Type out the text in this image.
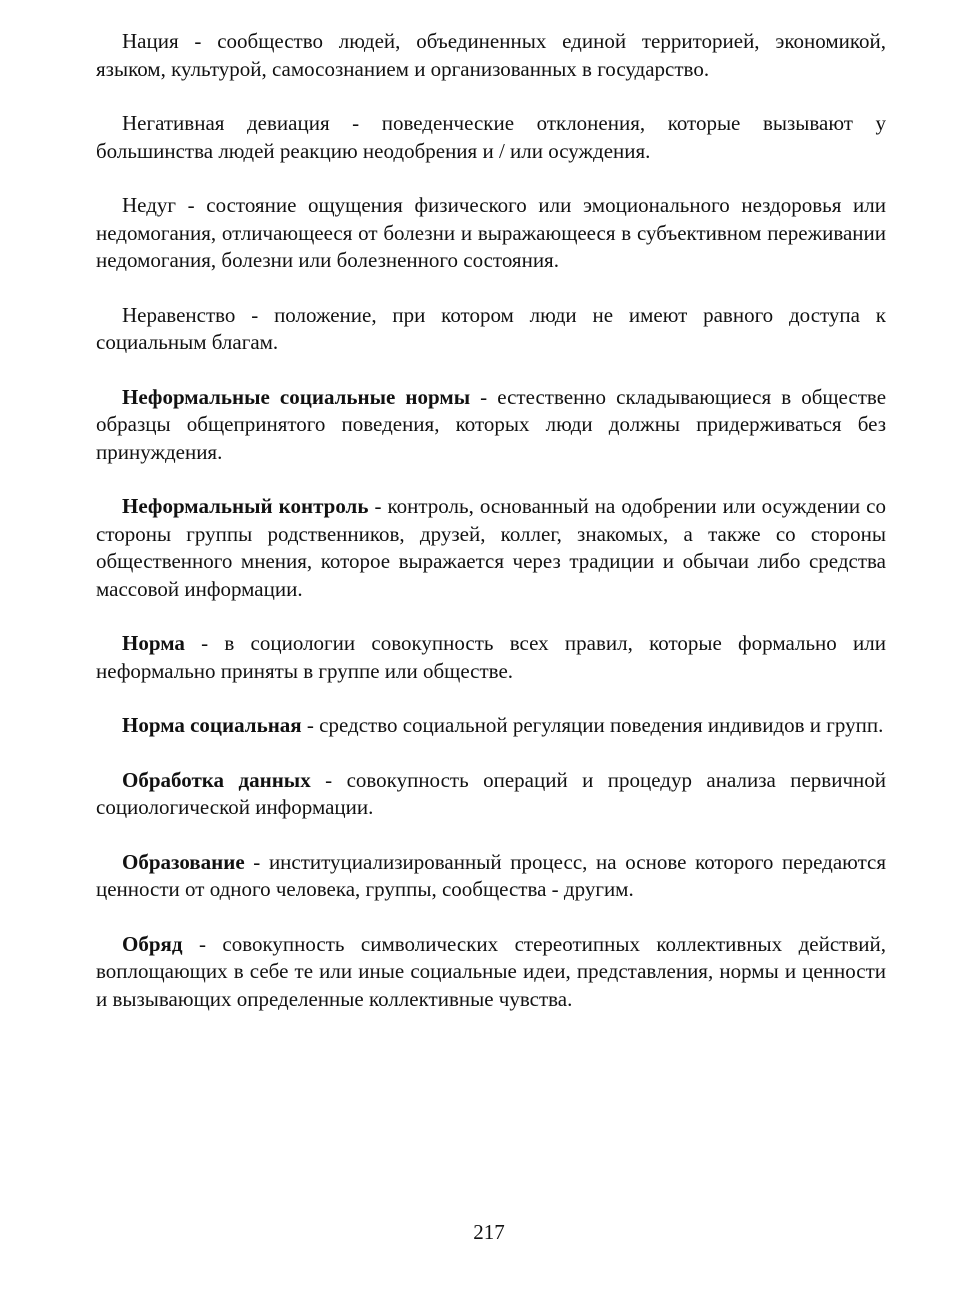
Нация - сообщество людей, объединенных единой территорией, экономикой, языком, культурой, самосознанием и организованных в государство.

Негативная девиация - поведенческие отклонения, которые вызывают у большинства людей реакцию неодобрения и / или осуждения.

Недуг - состояние ощущения физического или эмоционального нездоровья или недомогания, отличающееся от болезни и выражающееся в субъективном переживании недомогания, болезни или болезненного состояния.

Неравенство - положение, при котором люди не имеют равного доступа к социальным благам.

Неформальные социальные нормы - естественно складывающиеся в обществе образцы общепринятого поведения, которых люди должны придерживаться без принуждения.

Неформальный контроль - контроль, основанный на одобрении или осуждении со стороны группы родственников, друзей, коллег, знакомых, а также со стороны общественного мнения, которое выражается через традиции и обычаи либо средства массовой информации.

Норма - в социологии совокупность всех правил, которые формально или неформально приняты в группе или обществе.

Норма социальная - средство социальной регуляции поведения индивидов и групп.

Обработка данных - совокупность операций и процедур анализа первичной социологической информации.

Образование - институциализированный процесс, на основе которого передаются ценности от одного человека, группы, сообщества - другим.

Обряд - совокупность символических стереотипных коллективных действий, воплощающих в себе те или иные социальные идеи, представления, нормы и ценности и вызывающих определенные коллективные чувства.

217
